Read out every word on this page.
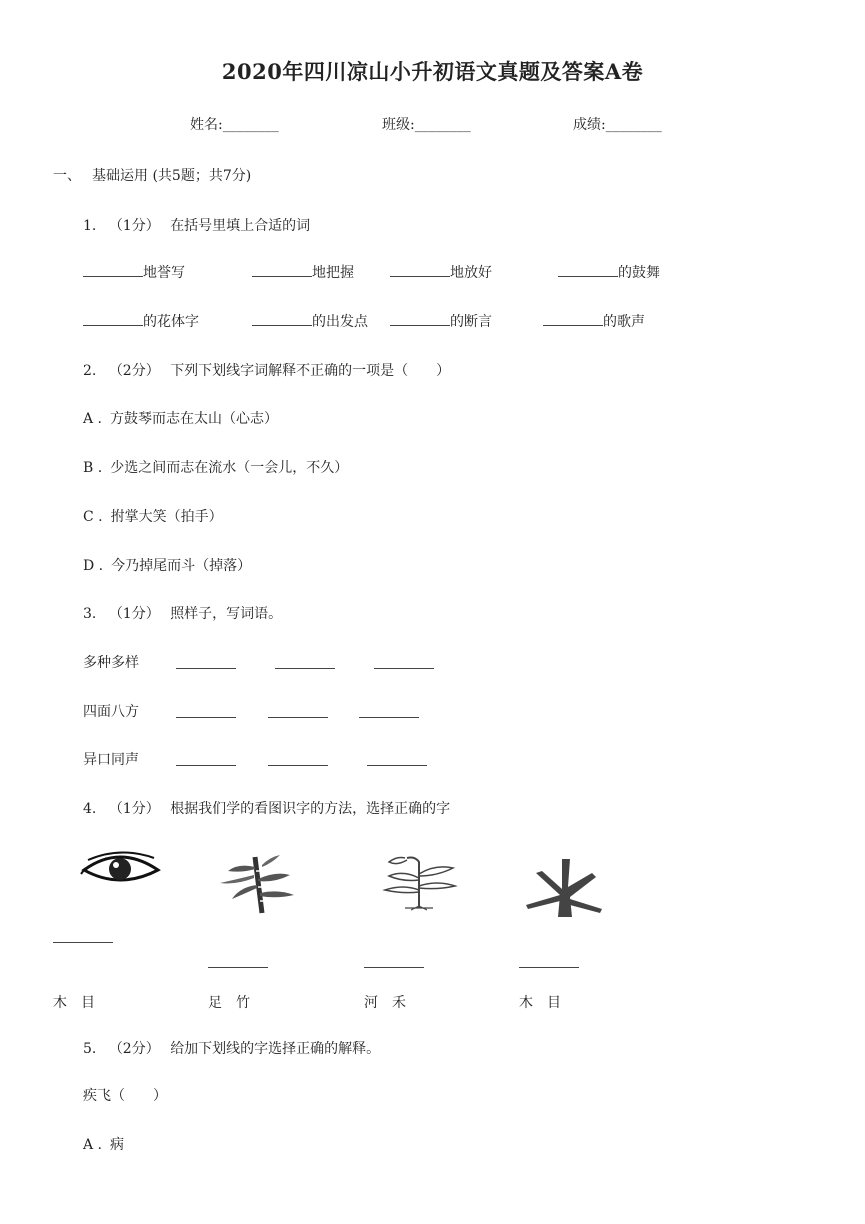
2020年四川凉山小升初语文真题及答案A卷
姓名:________	班级:________	成绩:________
一、 基础运用 (共5题；共7分)
1. （1分） 在括号里填上合适的词
地誉写	地把握	地放好	的鼓舞
的花体字	的出发点	的断言	的歌声
2. （2分） 下列下划线字词解释不正确的一项是（　　）
A . 方鼓琴而志在太山（心志）
B . 少选之间而志在流水（一会儿，不久）
C . 拊掌大笑（拍手）
D . 今乃掉尾而斗（掉落）
3. （1分） 照样子，写词语。
多种多样
四面八方
异口同声
4. （1分） 根据我们学的看图识字的方法，选择正确的字
木 目	足 竹	河 禾	木 目
5. （2分） 给加下划线的字选择正确的解释。
疾飞（　　）
A . 病
